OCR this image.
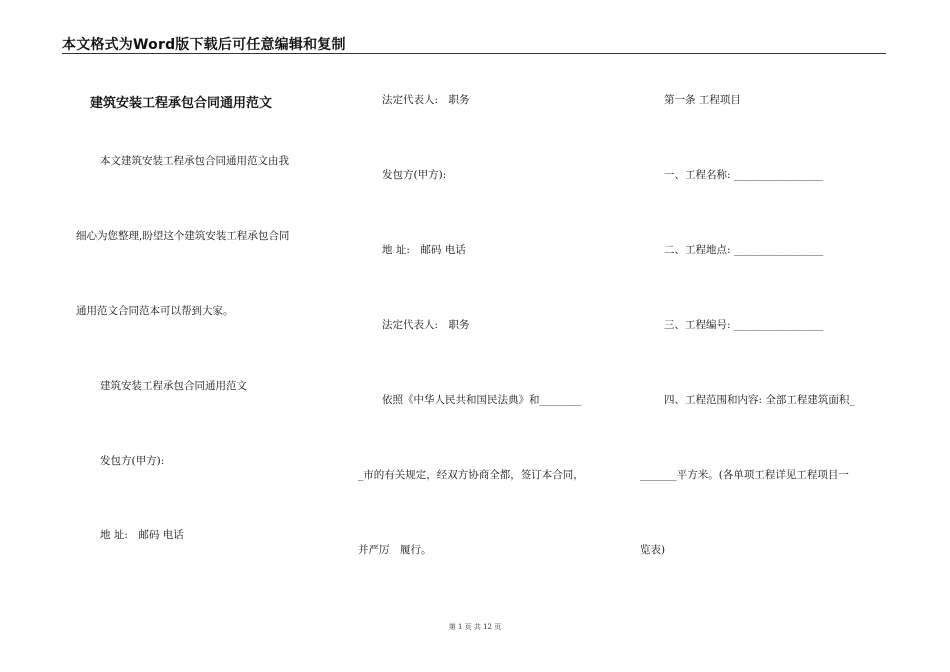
本文格式为Word版下载后可任意编辑和复制
建筑安装工程承包合同通用范文
本文建筑安装工程承包合同通用范文由我
细心为您整理,盼望这个建筑安装工程承包合同
通用范文合同范本可以帮到大家。
建筑安装工程承包合同通用范文
发包方(甲方):
地 址:　邮码 电话
法定代表人:　职务
发包方(甲方):
地 址:　邮码 电话
法定代表人:　职务
依照《中华人民共和国民法典》和________
_市的有关规定，经双方协商全都，签订本合同，
并严厉　履行。
第一条 工程项目
一、工程名称: _________________
二、工程地点: _________________
三、工程编号: _________________
四、工程范围和内容: 全部工程建筑面积_
_______平方米。(各单项工程详见工程项目一
览表)
第 1 页 共 12 页
